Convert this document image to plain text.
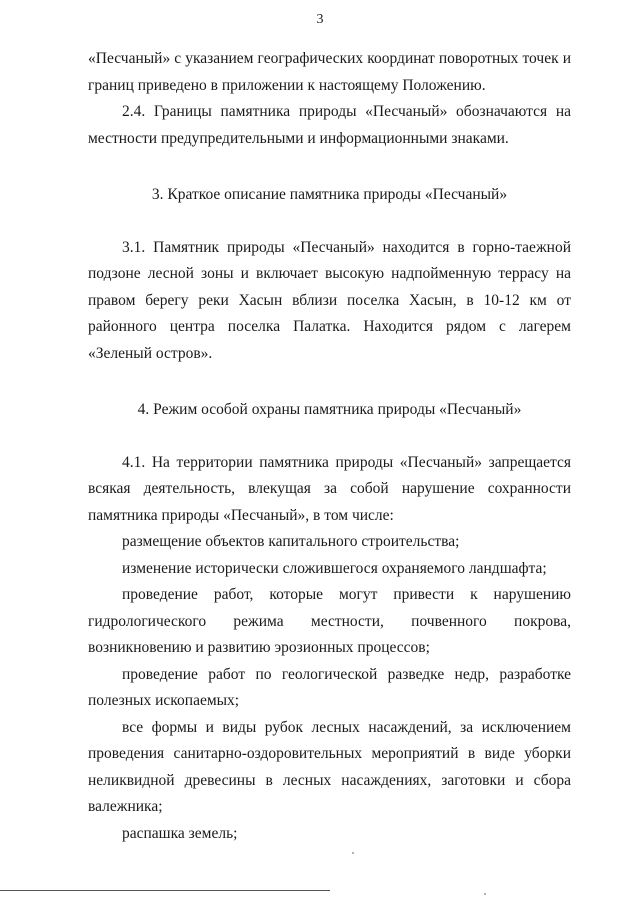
3

«Песчаный» с указанием географических координат поворотных точек и границ приведено в приложении к настоящему Положению.

2.4. Границы памятника природы «Песчаный» обозначаются на местности предупредительными и информационными знаками.

3. Краткое описание памятника природы «Песчаный»

3.1. Памятник природы «Песчаный» находится в горно-таежной подзоне лесной зоны и включает высокую надпойменную террасу на правом берегу реки Хасын вблизи поселка Хасын, в 10-12 км от районного центра поселка Палатка. Находится рядом с лагерем «Зеленый остров».

4. Режим особой охраны памятника природы «Песчаный»

4.1. На территории памятника природы «Песчаный» запрещается всякая деятельность, влекущая за собой нарушение сохранности памятника природы «Песчаный», в том числе:

размещение объектов капитального строительства;

изменение исторически сложившегося охраняемого ландшафта;

проведение работ, которые могут привести к нарушению гидрологического режима местности, почвенного покрова, возникновению и развитию эрозионных процессов;

проведение работ по геологической разведке недр, разработке полезных ископаемых;

все формы и виды рубок лесных насаждений, за исключением проведения санитарно-оздоровительных мероприятий в виде уборки неликвидной древесины в лесных насаждениях, заготовки и сбора валежника;

распашка земель;
